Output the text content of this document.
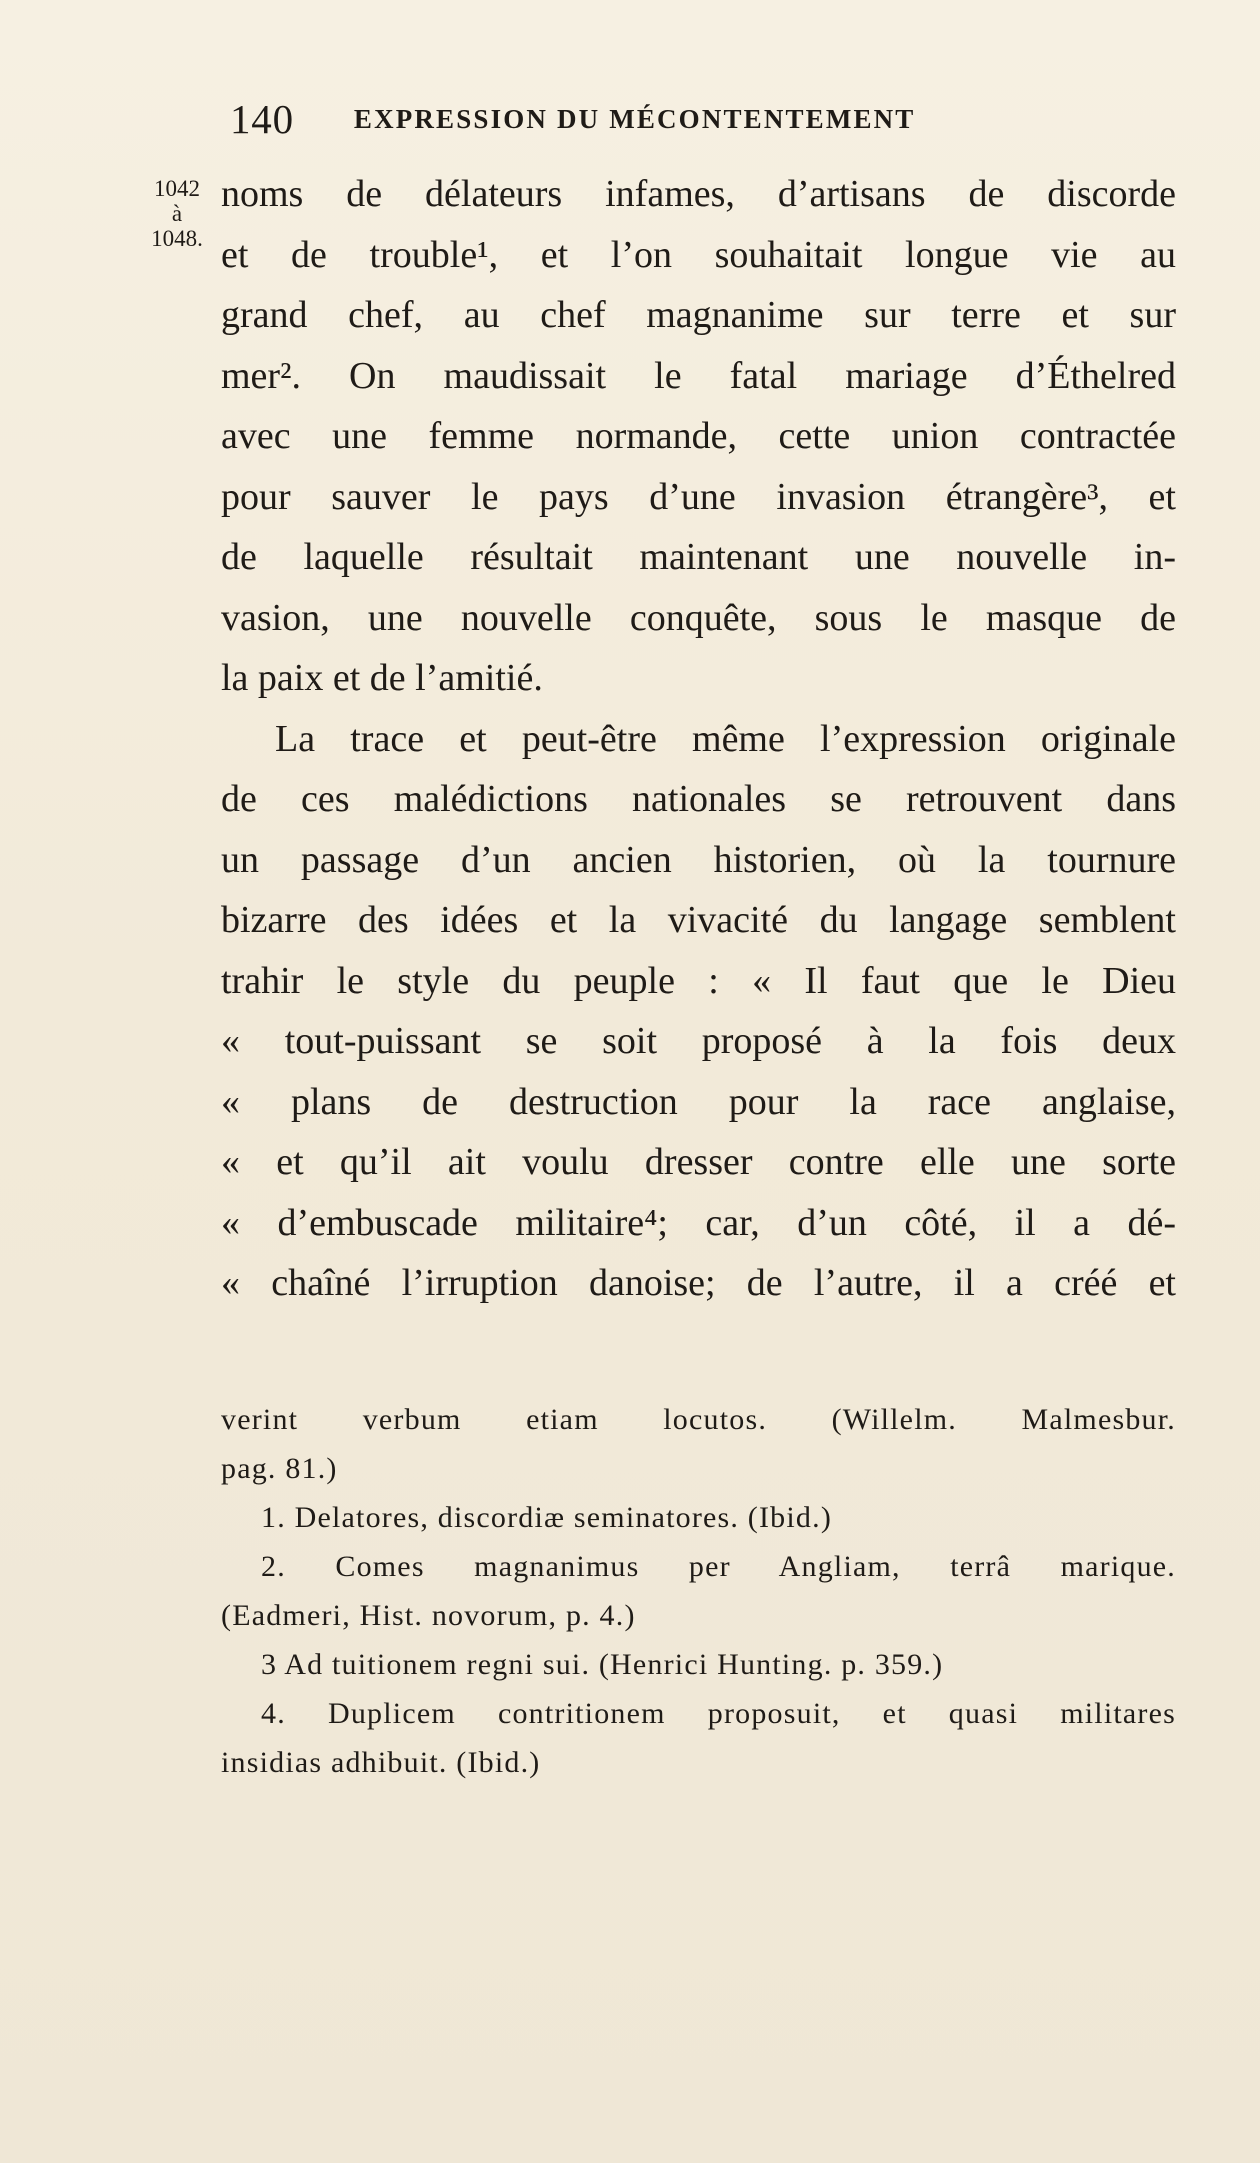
140 EXPRESSION DU MÉCONTENTEMENT
1042
à
1048.
noms de délateurs infames, d’artisans de discorde
et de trouble¹, et l’on souhaitait longue vie au
grand chef, au chef magnanime sur terre et sur
mer². On maudissait le fatal mariage d’Éthelred
avec une femme normande, cette union contractée
pour sauver le pays d’une invasion étrangère³, et
de laquelle résultait maintenant une nouvelle in-
vasion, une nouvelle conquête, sous le masque de
la paix et de l’amitié.
La trace et peut-être même l’expression originale
de ces malédictions nationales se retrouvent dans
un passage d’un ancien historien, où la tournure
bizarre des idées et la vivacité du langage semblent
trahir le style du peuple : « Il faut que le Dieu
« tout-puissant se soit proposé à la fois deux
« plans de destruction pour la race anglaise,
« et qu’il ait voulu dresser contre elle une sorte
« d’embuscade militaire⁴; car, d’un côté, il a dé-
« chaîné l’irruption danoise; de l’autre, il a créé et
verint verbum etiam locutos. (Willelm. Malmesbur.
pag. 81.)
1. Delatores, discordiæ seminatores. (Ibid.)
2. Comes magnanimus per Angliam, terrâ marique.
(Eadmeri, Hist. novorum, p. 4.)
3 Ad tuitionem regni sui. (Henrici Hunting. p. 359.)
4. Duplicem contritionem proposuit, et quasi militares
insidias adhibuit. (Ibid.)
